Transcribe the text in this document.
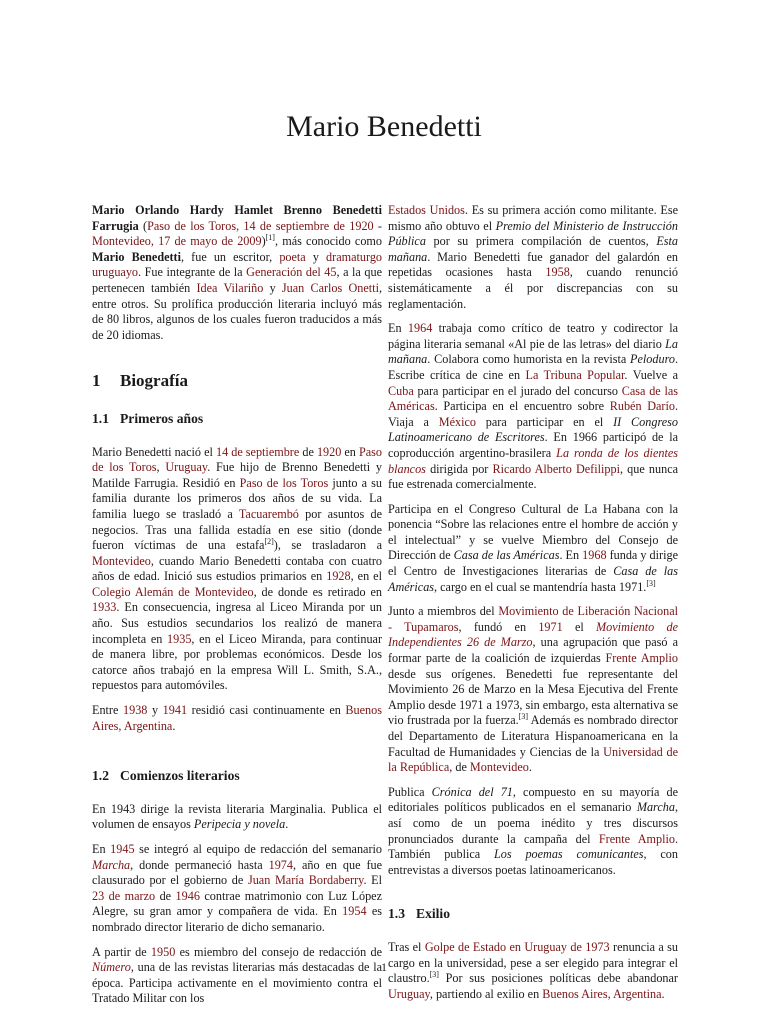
Mario Benedetti

Mario Orlando Hardy Hamlet Brenno Benedetti Farrugia (Paso de los Toros, 14 de septiembre de 1920 - Montevideo, 17 de mayo de 2009)[1], más conocido como Mario Benedetti, fue un escritor, poeta y dramaturgo uruguayo. Fue integrante de la Generación del 45, a la que pertenecen también Idea Vilariño y Juan Carlos Onetti, entre otros. Su prolífica producción literaria incluyó más de 80 libros, algunos de los cuales fueron traducidos a más de 20 idiomas.

1 Biografía
1.1 Primeros años

Mario Benedetti nació el 14 de septiembre de 1920 en Paso de los Toros, Uruguay. Fue hijo de Brenno Benedetti y Matilde Farrugia. Residió en Paso de los Toros junto a su familia durante los primeros dos años de su vida. La familia luego se trasladó a Tacuarembó por asuntos de negocios. Tras una fallida estadía en ese sitio (donde fueron víctimas de una estafa[2]), se trasladaron a Montevideo, cuando Mario Benedetti contaba con cuatro años de edad. Inició sus estudios primarios en 1928, en el Colegio Alemán de Montevideo, de donde es retirado en 1933. En consecuencia, ingresa al Liceo Miranda por un año. Sus estudios secundarios los realizó de manera incompleta en 1935, en el Liceo Miranda, para continuar de manera libre, por problemas económicos. Desde los catorce años trabajó en la empresa Will L. Smith, S.A., repuestos para automóviles.

Entre 1938 y 1941 residió casi continuamente en Buenos Aires, Argentina.

1.2 Comienzos literarios

En 1943 dirige la revista literaria Marginalia. Publica el volumen de ensayos Peripecia y novela.

En 1945 se integró al equipo de redacción del semanario Marcha, donde permaneció hasta 1974, año en que fue clausurado por el gobierno de Juan María Bordaberry. El 23 de marzo de 1946 contrae matrimonio con Luz López Alegre, su gran amor y compañera de vida. En 1954 es nombrado director literario de dicho semanario.

A partir de 1950 es miembro del consejo de redacción de Número, una de las revistas literarias más destacadas de la época. Participa activamente en el movimiento contra el Tratado Militar con los

Estados Unidos. Es su primera acción como militante. Ese mismo año obtuvo el Premio del Ministerio de Instrucción Pública por su primera compilación de cuentos, Esta mañana. Mario Benedetti fue ganador del galardón en repetidas ocasiones hasta 1958, cuando renunció sistemáticamente a él por discrepancias con su reglamentación.

En 1964 trabaja como crítico de teatro y codirector la página literaria semanal «Al pie de las letras» del diario La mañana. Colabora como humorista en la revista Peloduro. Escribe crítica de cine en La Tribuna Popular. Vuelve a Cuba para participar en el jurado del concurso Casa de las Américas. Participa en el encuentro sobre Rubén Darío. Viaja a México para participar en el II Congreso Latinoamericano de Escritores. En 1966 participó de la coproducción argentino-brasilera La ronda de los dientes blancos dirigida por Ricardo Alberto Defilippi, que nunca fue estrenada comercialmente.

Participa en el Congreso Cultural de La Habana con la ponencia “Sobre las relaciones entre el hombre de acción y el intelectual” y se vuelve Miembro del Consejo de Dirección de Casa de las Américas. En 1968 funda y dirige el Centro de Investigaciones literarias de Casa de las Américas, cargo en el cual se mantendría hasta 1971.[3]

Junto a miembros del Movimiento de Liberación Nacional - Tupamaros, fundó en 1971 el Movimiento de Independientes 26 de Marzo, una agrupación que pasó a formar parte de la coalición de izquierdas Frente Amplio desde sus orígenes. Benedetti fue representante del Movimiento 26 de Marzo en la Mesa Ejecutiva del Frente Amplio desde 1971 a 1973, sin embargo, esta alternativa se vio frustrada por la fuerza.[3] Además es nombrado director del Departamento de Literatura Hispanoamericana en la Facultad de Humanidades y Ciencias de la Universidad de la República, de Montevideo.

Publica Crónica del 71, compuesto en su mayoría de editoriales políticos publicados en el semanario Marcha, así como de un poema inédito y tres discursos pronunciados durante la campaña del Frente Amplio. También publica Los poemas comunicantes, con entrevistas a diversos poetas latinoamericanos.

1.3 Exilio

Tras el Golpe de Estado en Uruguay de 1973 renuncia a su cargo en la universidad, pese a ser elegido para integrar el claustro.[3] Por sus posiciones políticas debe abandonar Uruguay, partiendo al exilio en Buenos Aires, Argentina.

1
